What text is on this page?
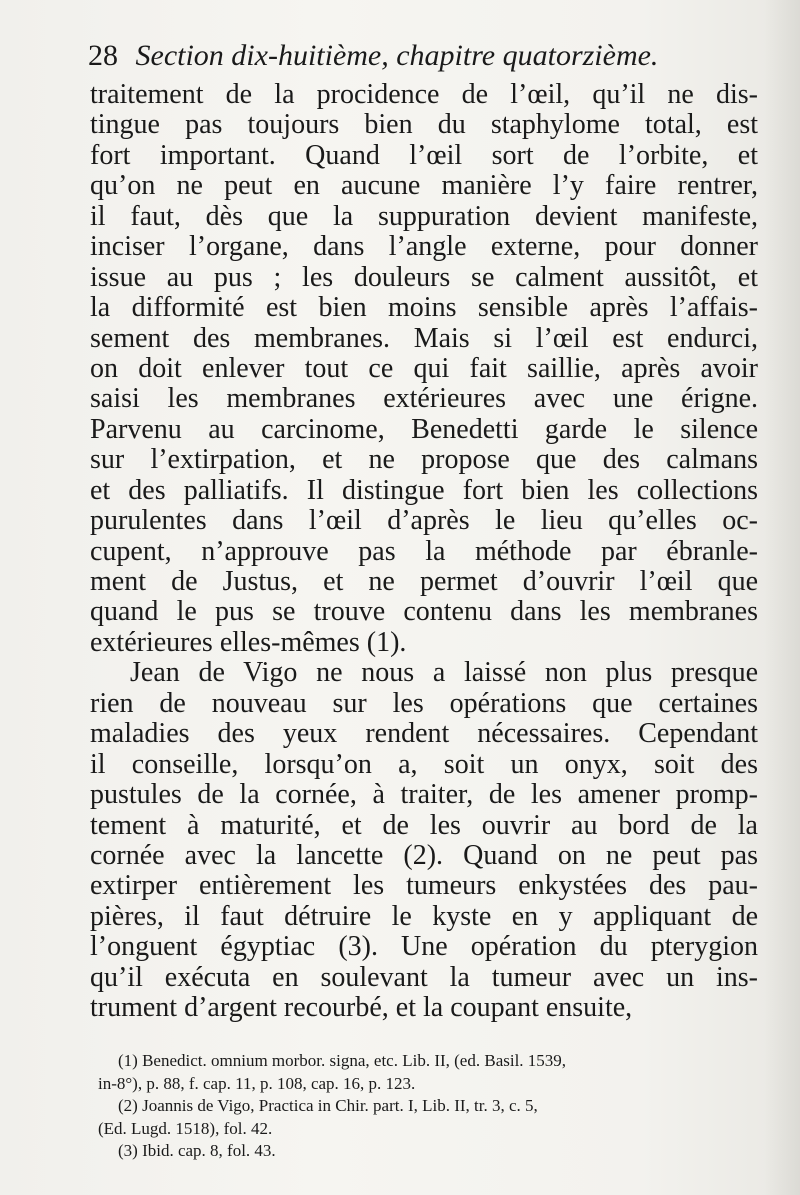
28 Section dix-huitième, chapitre quatorzième.
traitement de la procidence de l’œil, qu’il ne dis-
tingue pas toujours bien du staphylome total, est
fort important. Quand l’œil sort de l’orbite, et
qu’on ne peut en aucune manière l’y faire rentrer,
il faut, dès que la suppuration devient manifeste,
inciser l’organe, dans l’angle externe, pour donner
issue au pus ; les douleurs se calment aussitôt, et
la difformité est bien moins sensible après l’affais-
sement des membranes. Mais si l’œil est endurci,
on doit enlever tout ce qui fait saillie, après avoir
saisi les membranes extérieures avec une érigne.
Parvenu au carcinome, Benedetti garde le silence
sur l’extirpation, et ne propose que des calmans
et des palliatifs. Il distingue fort bien les collections
purulentes dans l’œil d’après le lieu qu’elles oc-
cupent, n’approuve pas la méthode par ébranle-
ment de Justus, et ne permet d’ouvrir l’œil que
quand le pus se trouve contenu dans les membranes
extérieures elles-mêmes (1).
Jean de Vigo ne nous a laissé non plus presque
rien de nouveau sur les opérations que certaines
maladies des yeux rendent nécessaires. Cependant
il conseille, lorsqu’on a, soit un onyx, soit des
pustules de la cornée, à traiter, de les amener promp-
tement à maturité, et de les ouvrir au bord de la
cornée avec la lancette (2). Quand on ne peut pas
extirper entièrement les tumeurs enkystées des pau-
pières, il faut détruire le kyste en y appliquant de
l’onguent égyptiac (3). Une opération du pterygion
qu’il exécuta en soulevant la tumeur avec un ins-
trument d’argent recourbé, et la coupant ensuite,
(1) Benedict. omnium morbor. signa, etc. Lib. II, (ed. Basil. 1539,
in-8°), p. 88, f. cap. 11, p. 108, cap. 16, p. 123.
(2) Joannis de Vigo, Practica in Chir. part. I, Lib. II, tr. 3, c. 5,
(Ed. Lugd. 1518), fol. 42.
(3) Ibid. cap. 8, fol. 43.
